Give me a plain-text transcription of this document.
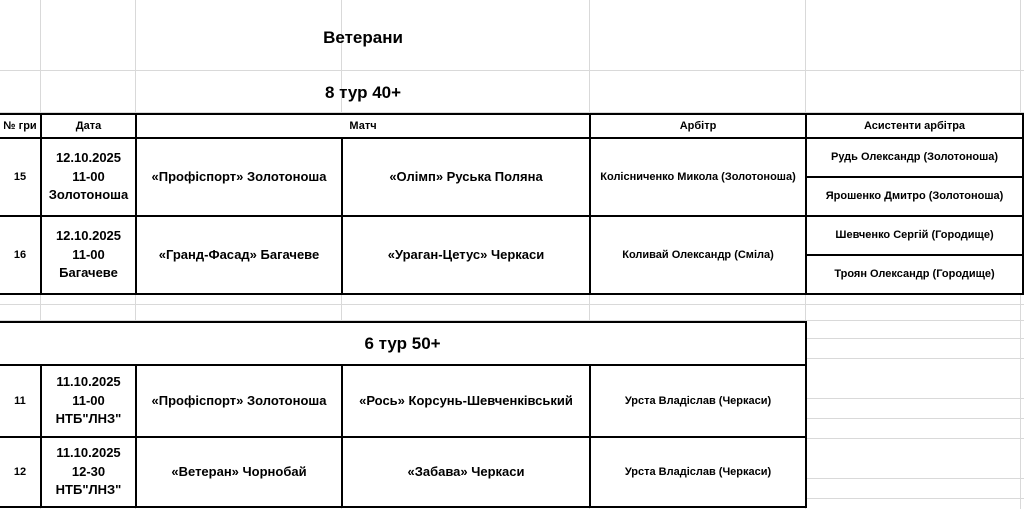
Ветерани
8 тур 40+
№ гри	Дата	Матч		Арбітр	Асистенти арбітра
15	12.10.2025
11-00
Золотоноша	«Профіспорт» Золотоноша	«Олімп» Руська Поляна	Колісниченко Микола (Золотоноша)	Рудь Олександр (Золотоноша)
					Ярошенко Дмитро (Золотоноша)
16	12.10.2025
11-00
Багачеве	«Гранд-Фасад» Багачеве	«Ураган-Цетус» Черкаси	Коливай Олександр (Сміла)	Шевченко Сергій (Городище)
					Троян Олександр (Городище)
6 тур 50+				
11	11.10.2025
11-00
НТБ"ЛНЗ"	«Профіспорт» Золотоноша	«Рось» Корсунь-Шевченківський	Урста Владіслав (Черкаси)
12	11.10.2025
12-30
НТБ"ЛНЗ"	«Ветеран» Чорнобай	«Забава» Черкаси	Урста Владіслав (Черкаси)
